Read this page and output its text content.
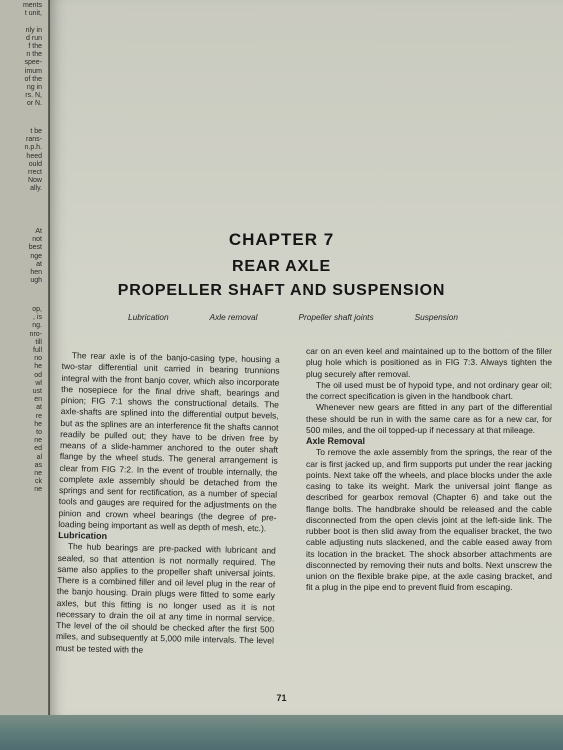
ments
t unit,

nly in
d run
f the
n the
spee-
imum
of the
ng in
rs. N,
or N.
t be
rans-
n.p.h.
heed
ould
rrect
Now
ally.
At
not
best
nge
at
hen
ugh
op,
, is
ng.
nro-
till
full
no
he
od
wl
ust
en
at
re
he
to
ne
ed
al
as
ne
ck
ne
CHAPTER 7
REAR AXLE
PROPELLER SHAFT AND SUSPENSION
Lubrication	Axle removal	Propeller shaft joints	Suspension

The rear axle is of the banjo-casing type, housing a two-star differential unit carried in bearing trunnions integral with the front banjo cover, which also incorporate the nosepiece for the final drive shaft, bearings and pinion; FIG 7:1 shows the constructional details. The axle-shafts are splined into the differential output bevels, but as the splines are an interference fit the shafts cannot readily be pulled out; they have to be driven free by means of a slide-hammer anchored to the outer shaft flange by the wheel studs. The general arrangement is clear from FIG 7:2. In the event of trouble internally, the complete axle assembly should be detached from the springs and sent for rectification, as a number of special tools and gauges are required for the adjustments on the pinion and crown wheel bearings (the degree of pre-loading being important as well as depth of mesh, etc.).

Lubrication

The hub bearings are pre-packed with lubricant and sealed, so that attention is not normally required. The same also applies to the propeller shaft universal joints. There is a combined filler and oil level plug in the rear of the banjo housing. Drain plugs were fitted to some early axles, but this fitting is no longer used as it is not necessary to drain the oil at any time in normal service. The level of the oil should be checked after the first 500 miles, and subsequently at 5,000 mile intervals. The level must be tested with the

car on an even keel and maintained up to the bottom of the filler plug hole which is positioned as in FIG 7:3. Always tighten the plug securely after removal.

The oil used must be of hypoid type, and not ordinary gear oil; the correct specification is given in the handbook chart.

Whenever new gears are fitted in any part of the differential these should be run in with the same care as for a new car, for 500 miles, and the oil topped-up if necessary at that mileage.

Axle Removal

To remove the axle assembly from the springs, the rear of the car is first jacked up, and firm supports put under the rear jacking points. Next take off the wheels, and place blocks under the axle casing to take its weight. Mark the universal joint flange as described for gearbox removal (Chapter 6) and take out the flange bolts. The handbrake should be released and the cable disconnected from the open clevis joint at the left-side link. The rubber boot is then slid away from the equaliser bracket, the two cable adjusting nuts slackened, and the cable eased away from its location in the bracket. The shock absorber attachments are disconnected by removing their nuts and bolts. Next unscrew the union on the flexible brake pipe, at the axle casing bracket, and fit a plug in the pipe end to prevent fluid from escaping.

71
